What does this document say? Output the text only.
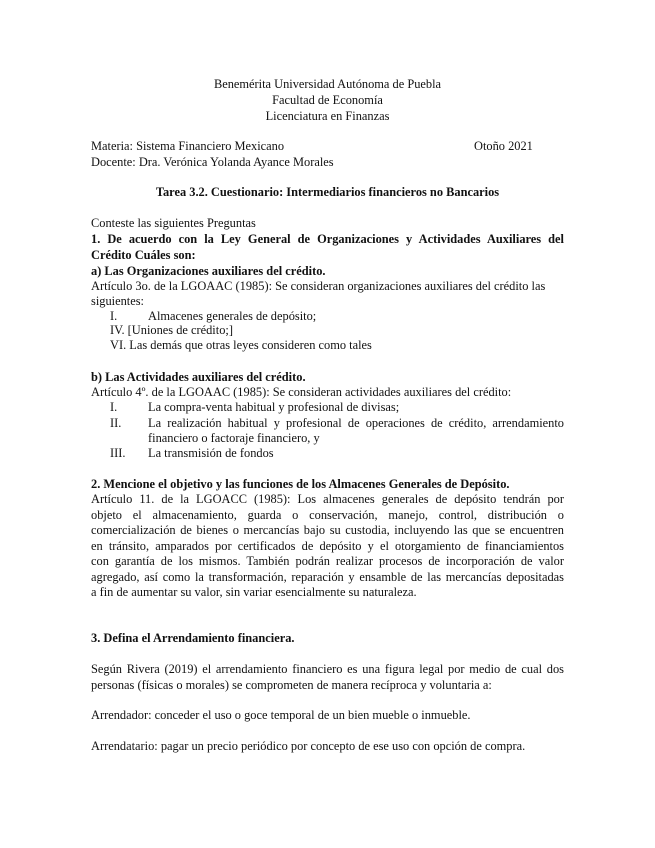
Benemérita Universidad Autónoma de Puebla
Facultad de Economía
Licenciatura en Finanzas
Materia: Sistema Financiero Mexicano	Otoño 2021
Docente: Dra. Verónica Yolanda Ayance Morales
Tarea 3.2. Cuestionario: Intermediarios financieros no Bancarios
Conteste las siguientes Preguntas
1. De acuerdo con la Ley General de Organizaciones y Actividades Auxiliares del
Crédito Cuáles son:
a) Las Organizaciones auxiliares del crédito.
Artículo 3o. de la LGOAAC (1985): Se consideran organizaciones auxiliares del crédito las
siguientes:
I. Almacenes generales de depósito;
IV. [Uniones de crédito;]
VI. Las demás que otras leyes consideren como tales
b) Las Actividades auxiliares del crédito.
Artículo 4º. de la LGOAAC (1985): Se consideran actividades auxiliares del crédito:
I. La compra-venta habitual y profesional de divisas;
II. La realización habitual y profesional de operaciones de crédito, arrendamiento
financiero o factoraje financiero, y
III. La transmisión de fondos
2. Mencione el objetivo y las funciones de los Almacenes Generales de Depósito.
Artículo 11. de la LGOACC (1985): Los almacenes generales de depósito tendrán por
objeto el almacenamiento, guarda o conservación, manejo, control, distribución o
comercialización de bienes o mercancías bajo su custodia, incluyendo las que se encuentren
en tránsito, amparados por certificados de depósito y el otorgamiento de financiamientos
con garantía de los mismos. También podrán realizar procesos de incorporación de valor
agregado, así como la transformación, reparación y ensamble de las mercancías depositadas
a fin de aumentar su valor, sin variar esencialmente su naturaleza.
3. Defina el Arrendamiento financiera.
Según Rivera (2019) el arrendamiento financiero es una figura legal por medio de cual dos
personas (físicas o morales) se comprometen de manera recíproca y voluntaria a:
Arrendador: conceder el uso o goce temporal de un bien mueble o inmueble.
Arrendatario: pagar un precio periódico por concepto de ese uso con opción de compra.
